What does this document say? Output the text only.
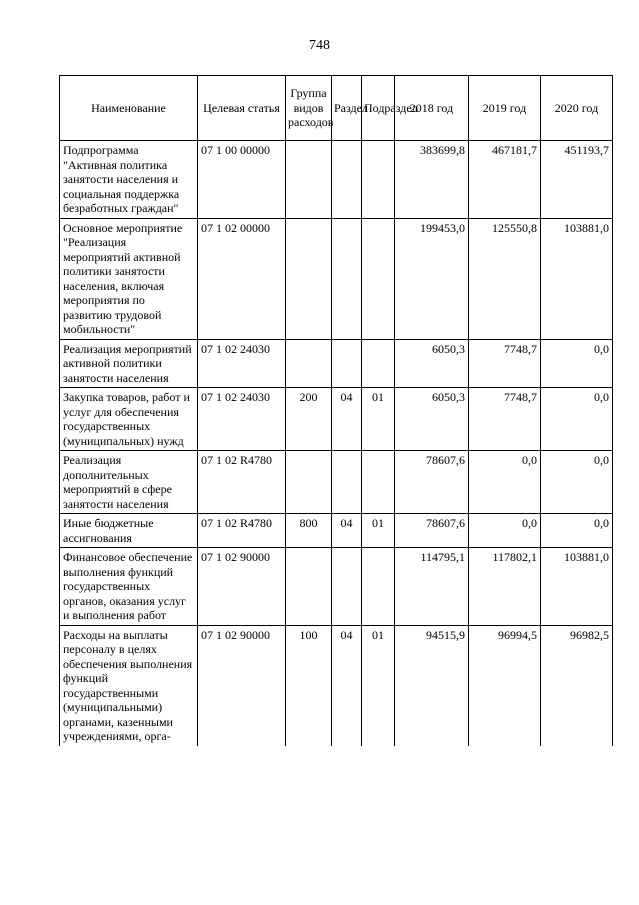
748
Наименование	Целевая статья	Группа видов расходов	Раздел	Подраздел	2018 год	2019 год	2020 год
Подпрограмма "Активная политика занятости населения и социальная поддержка безработных граждан"	07 1 00 00000				383699,8	467181,7	451193,7
Основное мероприятие "Реализация мероприятий активной политики занятости населения, включая мероприятия по развитию трудовой мобильности"	07 1 02 00000				199453,0	125550,8	103881,0
Реализация мероприятий активной политики занятости населения	07 1 02 24030				6050,3	7748,7	0,0
Закупка товаров, работ и услуг для обеспечения государственных (муниципальных) нужд	07 1 02 24030	200	04	01	6050,3	7748,7	0,0
Реализация дополнительных мероприятий в сфере занятости населения	07 1 02 R4780				78607,6	0,0	0,0
Иные бюджетные ассигнования	07 1 02 R4780	800	04	01	78607,6	0,0	0,0
Финансовое обеспечение выполнения функций государственных органов, оказания услуг и выполнения работ	07 1 02 90000				114795,1	117802,1	103881,0
Расходы на выплаты персоналу в целях обеспечения выполнения функций государственными (муниципальными) органами, казенными учреждениями, орга-	07 1 02 90000	100	04	01	94515,9	96994,5	96982,5
